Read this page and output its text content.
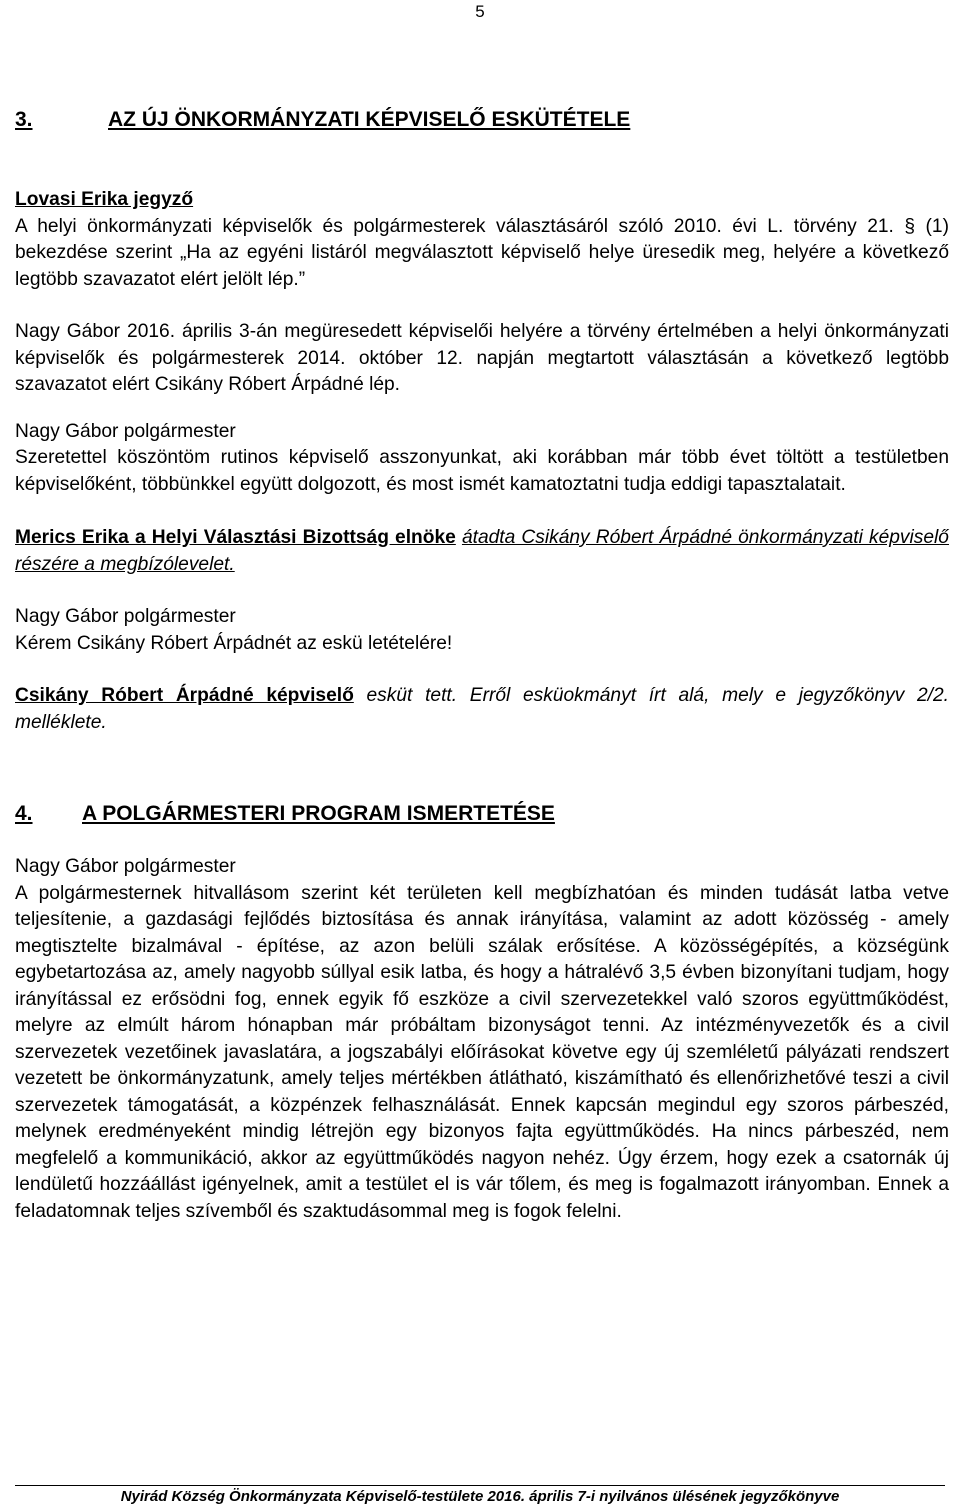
5
3.	AZ ÚJ ÖNKORMÁNYZATI KÉPVISELŐ ESKÜTÉTELE

Lovasi Erika jegyző

A helyi önkormányzati képviselők és polgármesterek választásáról szóló 2010. évi L. törvény 21. § (1) bekezdése szerint „Ha az egyéni listáról megválasztott képviselő helye üresedik meg, helyére a következő legtöbb szavazatot elért jelölt lép.”

Nagy Gábor 2016. április 3-án megüresedett képviselői helyére a törvény értelmében a helyi önkormányzati képviselők és polgármesterek 2014. október 12. napján megtartott választásán a következő legtöbb szavazatot elért Csikány Róbert Árpádné lép.

Nagy Gábor polgármester

Szeretettel köszöntöm rutinos képviselő asszonyunkat, aki korábban már több évet töltött a testületben képviselőként, többünkkel együtt dolgozott, és most ismét kamatoztatni tudja eddigi tapasztalatait.

Merics Erika a Helyi Választási Bizottság elnöke átadta Csikány Róbert Árpádné önkormányzati képviselő részére a megbízólevelet.

Nagy Gábor polgármester

Kérem Csikány Róbert Árpádnét az eskü letételére!

Csikány Róbert Árpádné képviselő esküt tett. Erről esküokmányt írt alá, mely e jegyzőkönyv 2/2. melléklete.

4.	A POLGÁRMESTERI PROGRAM ISMERTETÉSE

Nagy Gábor polgármester

A polgármesternek hitvallásom szerint két területen kell megbízhatóan és minden tudását latba vetve teljesítenie, a gazdasági fejlődés biztosítása és annak irányítása, valamint az adott közösség - amely megtisztelte bizalmával - építése, az azon belüli szálak erősítése. A közösségépítés, a községünk egybetartozása az, amely nagyobb súllyal esik latba, és hogy a hátralévő 3,5 évben bizonyítani tudjam, hogy irányítással ez erősödni fog, ennek egyik fő eszköze a civil szervezetekkel való szoros együttműködést, melyre az elmúlt három hónapban már próbáltam bizonyságot tenni. Az intézményvezetők és a civil szervezetek vezetőinek javaslatára, a jogszabályi előírásokat követve egy új szemléletű pályázati rendszert vezetett be önkormányzatunk, amely teljes mértékben átlátható, kiszámítható és ellenőrizhetővé teszi a civil szervezetek támogatását, a közpénzek felhasználását. Ennek kapcsán megindul egy szoros párbeszéd, melynek eredményeként mindig létrejön egy bizonyos fajta együttműködés. Ha nincs párbeszéd, nem megfelelő a kommunikáció, akkor az együttműködés nagyon nehéz. Úgy érzem, hogy ezek a csatornák új lendületű hozzáállást igényelnek, amit a testület el is vár tőlem, és meg is fogalmazott irányomban. Ennek a feladatomnak teljes szívemből és szaktudásommal meg is fogok felelni.

Nyirád Község Önkormányzata Képviselő-testülete 2016. április 7-i nyilvános ülésének jegyzőkönyve
